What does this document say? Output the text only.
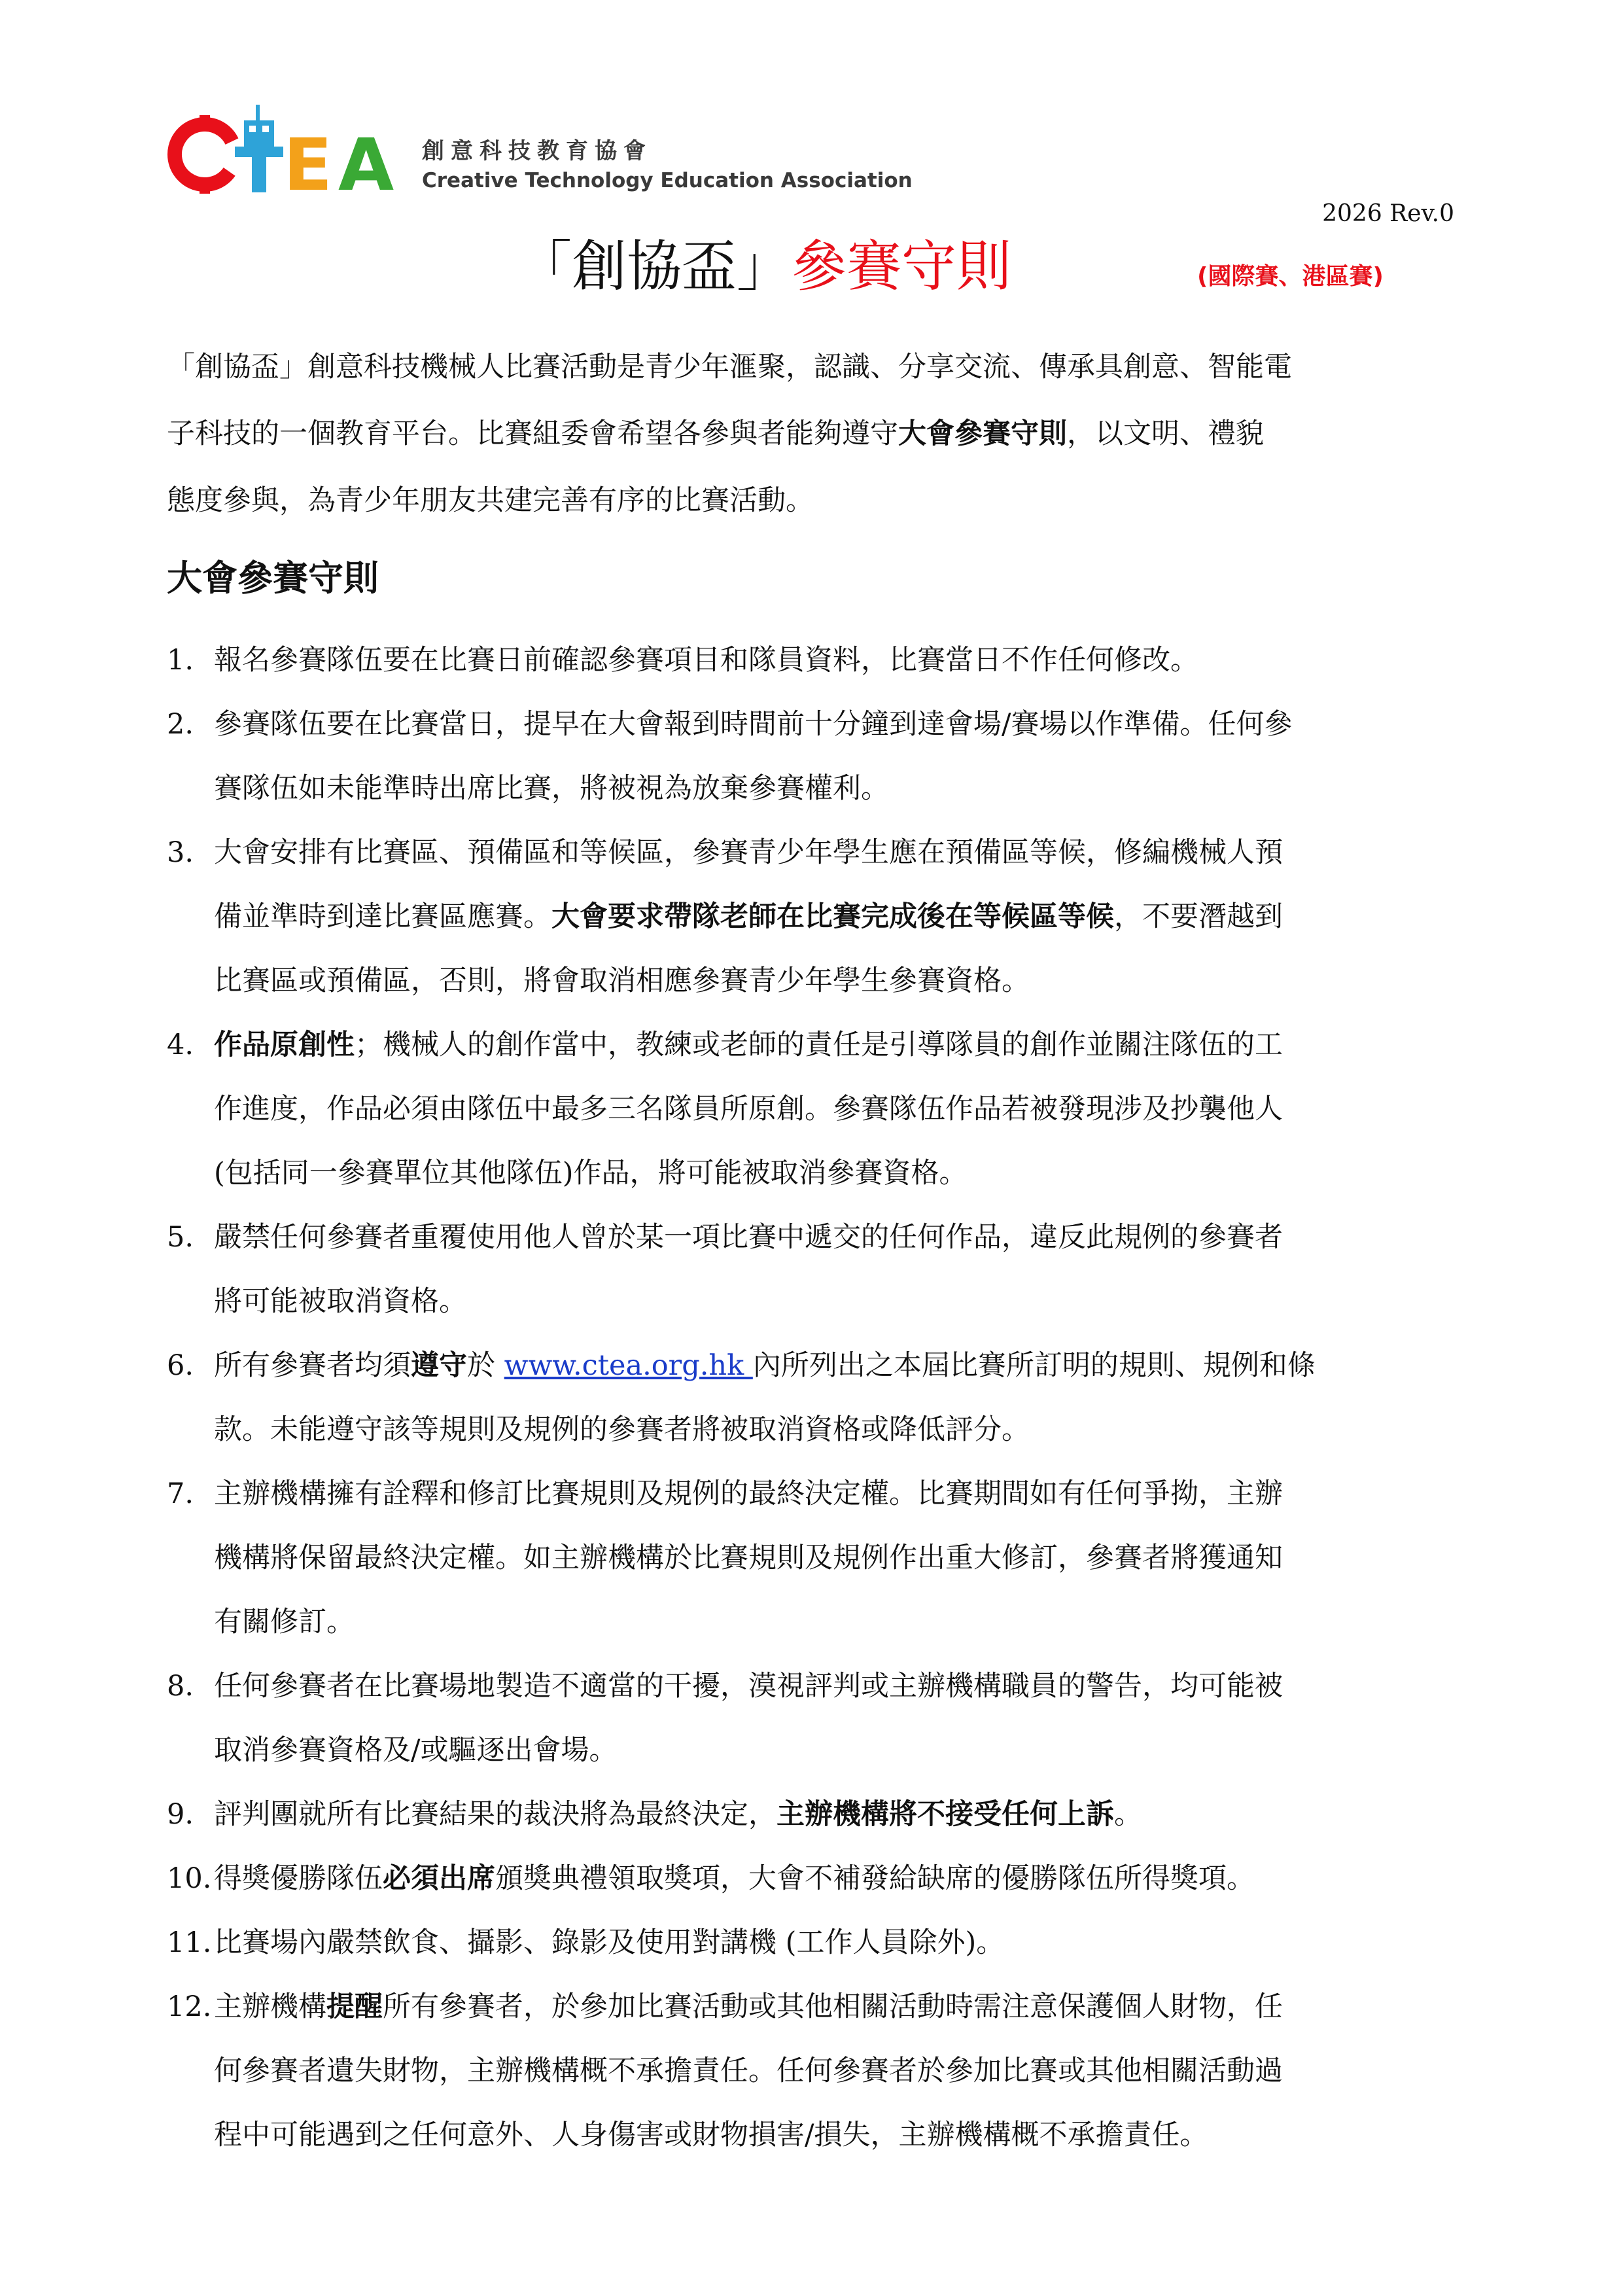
E A 創意科技教育協會
Creative Technology Education Association
2026 Rev.0
「創協盃」參賽守則	(國際賽、港區賽)

「創協盃」創意科技機械人比賽活動是青少年滙聚，認識、分享交流、傳承具創意、智能電

子科技的一個教育平台。比賽組委會希望各參與者能夠遵守大會參賽守則，以文明、禮貌

態度參與，為青少年朋友共建完善有序的比賽活動。

大會參賽守則
1. 報名參賽隊伍要在比賽日前確認參賽項目和隊員資料，比賽當日不作任何修改。
2. 參賽隊伍要在比賽當日，提早在大會報到時間前十分鐘到達會場/賽場以作準備。任何參
賽隊伍如未能準時出席比賽，將被視為放棄參賽權利。
3. 大會安排有比賽區、預備區和等候區，參賽青少年學生應在預備區等候，修編機械人預
備並準時到達比賽區應賽。大會要求帶隊老師在比賽完成後在等候區等候，不要潛越到
比賽區或預備區，否則，將會取消相應參賽青少年學生參賽資格。
4. 作品原創性；機械人的創作當中，教練或老師的責任是引導隊員的創作並關注隊伍的工
作進度，作品必須由隊伍中最多三名隊員所原創。參賽隊伍作品若被發現涉及抄襲他人
(包括同一參賽單位其他隊伍)作品，將可能被取消參賽資格。
5. 嚴禁任何參賽者重覆使用他人曾於某一項比賽中遞交的任何作品，違反此規例的參賽者
將可能被取消資格。
6. 所有參賽者均須遵守於 www.ctea.org.hk 內所列出之本屆比賽所訂明的規則、規例和條
款。未能遵守該等規則及規例的參賽者將被取消資格或降低評分。
7. 主辦機構擁有詮釋和修訂比賽規則及規例的最終決定權。比賽期間如有任何爭拗，主辦
機構將保留最終決定權。如主辦機構於比賽規則及規例作出重大修訂，參賽者將獲通知
有關修訂。
8. 任何參賽者在比賽場地製造不適當的干擾，漠視評判或主辦機構職員的警告，均可能被
取消參賽資格及/或驅逐出會場。
9. 評判團就所有比賽結果的裁決將為最終決定，主辦機構將不接受任何上訴。
10. 得獎優勝隊伍必須出席頒獎典禮領取獎項，大會不補發給缺席的優勝隊伍所得獎項。
11. 比賽場內嚴禁飲食、攝影、錄影及使用對講機 (工作人員除外)。
12. 主辦機構提醒所有參賽者，於參加比賽活動或其他相關活動時需注意保護個人財物，任
何參賽者遺失財物，主辦機構概不承擔責任。任何參賽者於參加比賽或其他相關活動過
程中可能遇到之任何意外、人身傷害或財物損害/損失，主辦機構概不承擔責任。
